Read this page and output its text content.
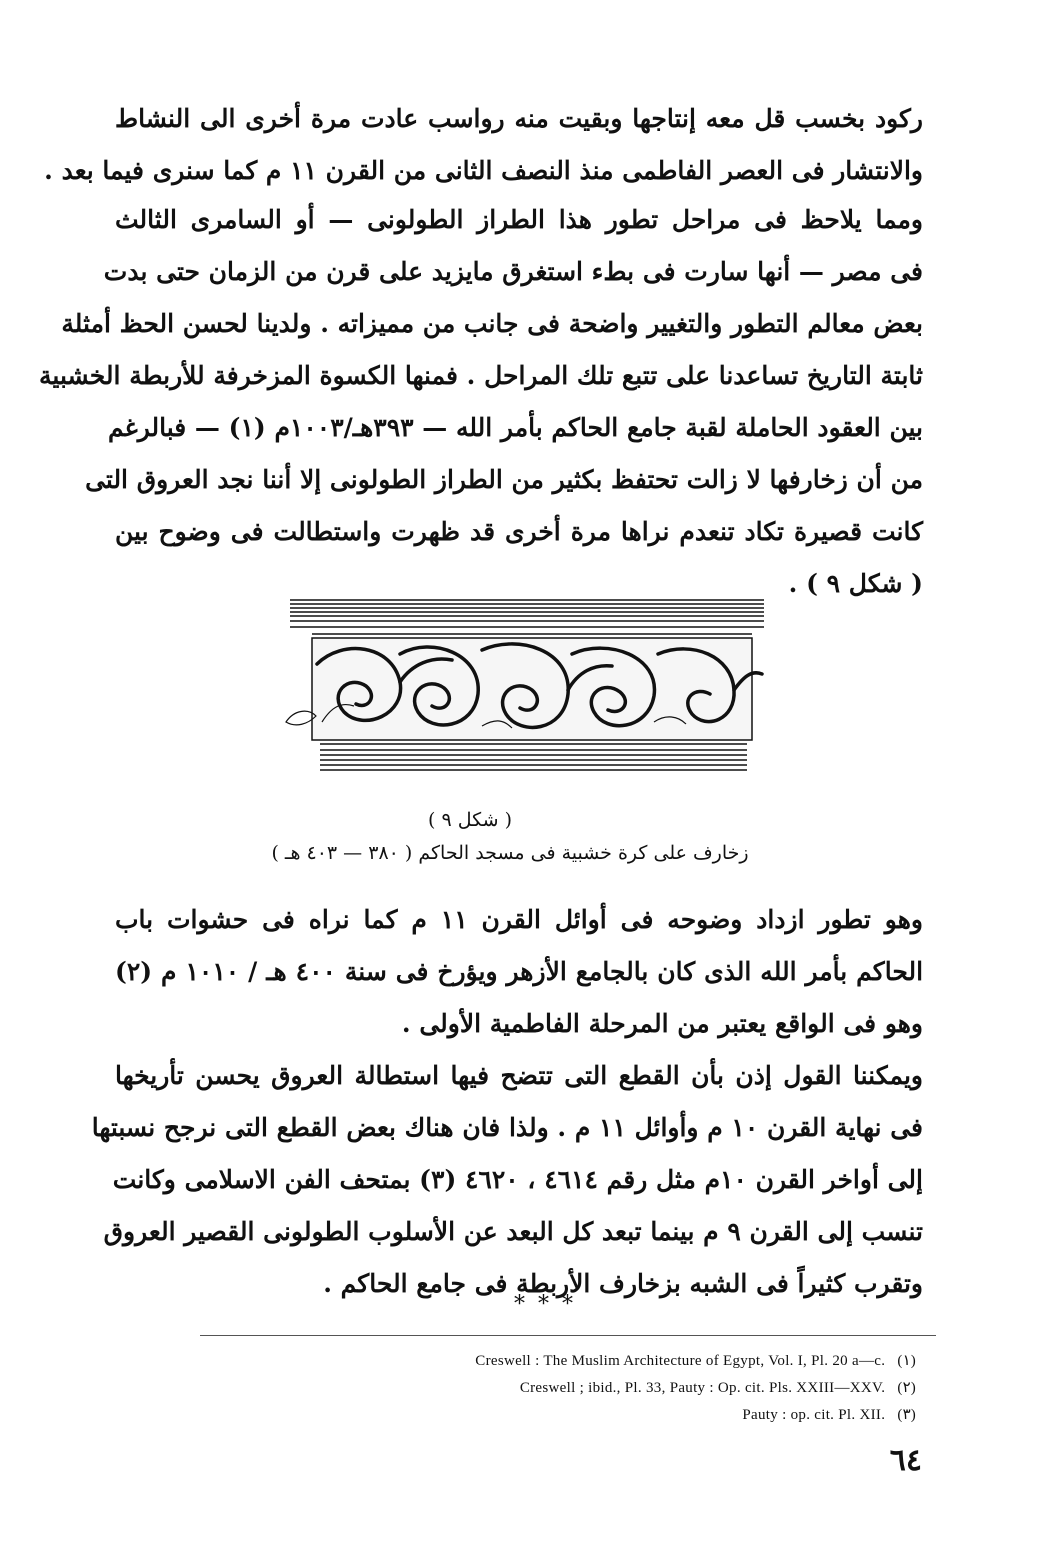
ركود بخسب قل معه إنتاجها وبقيت منه رواسب عادت مرة أخرى الى النشاط
والانتشار فى العصر الفاطمى منذ النصف الثانى من القرن ١١ م كما سنرى فيما بعد .
ومما يلاحظ فى مراحل تطور هذا الطراز الطولونى — أو السامرى الثالث
فى مصر — أنها سارت فى بطء استغرق مايزيد على قرن من الزمان حتى بدت
بعض معالم التطور والتغيير واضحة فى جانب من مميزاته . ولدينا لحسن الحظ أمثلة
ثابتة التاريخ تساعدنا على تتبع تلك المراحل . فمنها الكسوة المزخرفة للأربطة الخشبية
بين العقود الحاملة لقبة جامع الحاكم بأمر الله — ٣٩٣هـ/١٠٠٣م (١) — فبالرغم
من أن زخارفها لا زالت تحتفظ بكثير من الطراز الطولونى إلا أننا نجد العروق التى
كانت قصيرة تكاد تنعدم نراها مرة أخرى قد ظهرت واستطالت فى وضوح بين
( شكل ٩ ) .
( شكل ٩ )
زخارف على كرة خشبية فى مسجد الحاكم ( ٣٨٠ — ٤٠٣ هـ )
وهو تطور ازداد وضوحه فى أوائل القرن ١١ م كما نراه فى حشوات باب
الحاكم بأمر الله الذى كان بالجامع الأزهر ويؤرخ فى سنة ٤٠٠ هـ / ١٠١٠ م (٢)
وهو فى الواقع يعتبر من المرحلة الفاطمية الأولى .
ويمكننا القول إذن بأن القطع التى تتضح فيها استطالة العروق يحسن تأريخها
فى نهاية القرن ١٠ م وأوائل ١١ م . ولذا فان هناك بعض القطع التى نرجح نسبتها
إلى أواخر القرن ١٠م مثل رقم ٤٦١٤ ، ٤٦٢٠ (٣) بمتحف الفن الاسلامى وكانت
تنسب إلى القرن ٩ م بينما تبعد كل البعد عن الأسلوب الطولونى القصير العروق
وتقرب كثيراً فى الشبه بزخارف الأربطة فى جامع الحاكم .
* * *
Creswell : The Muslim Architecture of Egypt, Vol. I, Pl. 20 a—c. (١)
Creswell ; ibid., Pl. 33, Pauty : Op. cit. Pls. XXIII—XXV. (٢)
Pauty : op. cit. Pl. XII. (٣)
٦٤
